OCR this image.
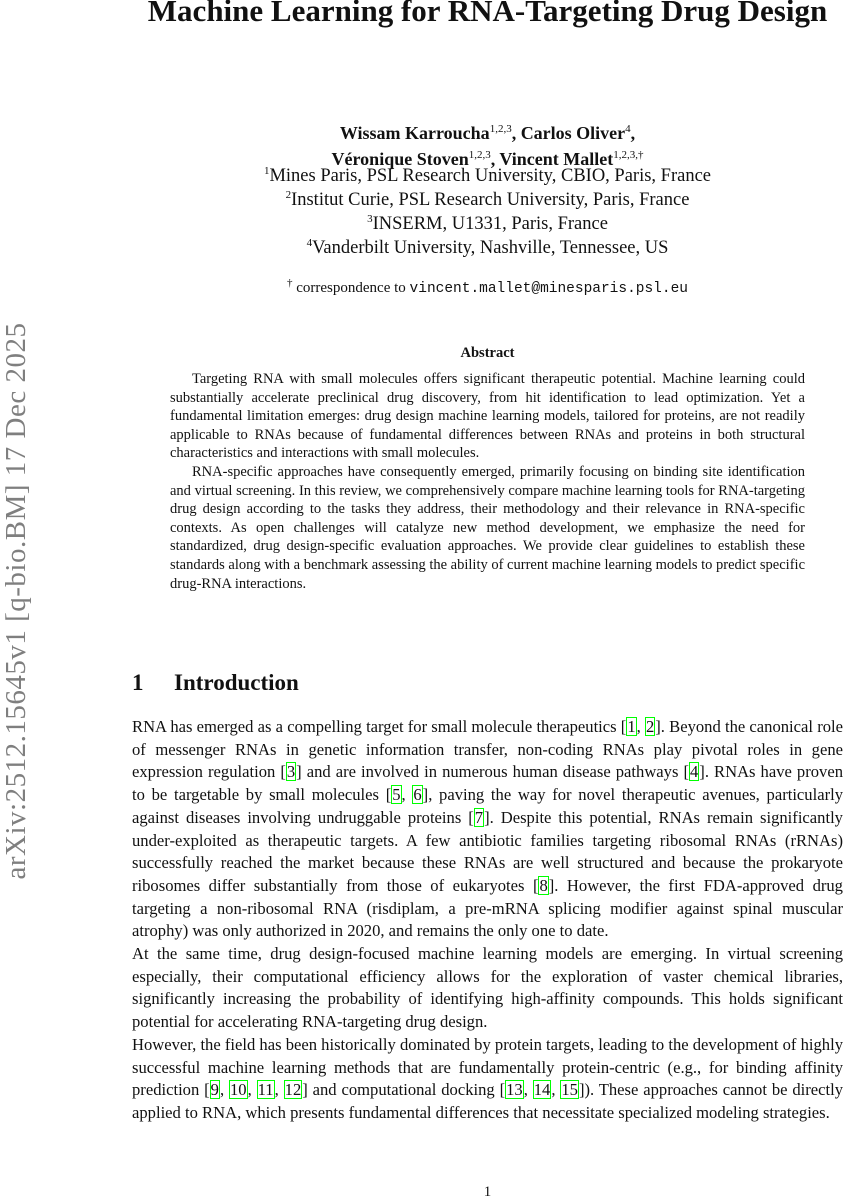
arXiv:2512.15645v1 [q-bio.BM] 17 Dec 2025
Machine Learning for RNA-Targeting Drug Design
Wissam Karroucha$^{1,2,3}$, Carlos Oliver$^4$,
Véronique Stoven$^{1,2,3}$, Vincent Mallet$^{1,2,3,\dagger}$
$^1$Mines Paris, PSL Research University, CBIO, Paris, France
$^2$Institut Curie, PSL Research University, Paris, France
$^3$INSERM, U1331, Paris, France
$^4$Vanderbilt University, Nashville, Tennessee, US
† correspondence to vincent.mallet@minesparis.psl.eu
Abstract

Targeting RNA with small molecules offers significant therapeutic potential. Machine learning could substantially accelerate preclinical drug discovery, from hit identification to lead optimization. Yet a fundamental limitation emerges: drug design machine learning models, tailored for proteins, are not readily applicable to RNAs because of fundamental differences between RNAs and proteins in both structural characteristics and interactions with small molecules.

RNA-specific approaches have consequently emerged, primarily focusing on binding site identification and virtual screening. In this review, we comprehensively compare machine learning tools for RNA-targeting drug design according to the tasks they address, their methodology and their relevance in RNA-specific contexts. As open challenges will catalyze new method development, we emphasize the need for standardized, drug design-specific evaluation approaches. We provide clear guidelines to establish these standards along with a benchmark assessing the ability of current machine learning models to predict specific drug-RNA interactions.

1 Introduction

RNA has emerged as a compelling target for small molecule therapeutics [1, 2]. Beyond the canonical role of messenger RNAs in genetic information transfer, non-coding RNAs play pivotal roles in gene expression regulation [3] and are involved in numerous human disease pathways [4]. RNAs have proven to be targetable by small molecules [5, 6], paving the way for novel therapeutic avenues, particularly against diseases involving undruggable proteins [7]. Despite this potential, RNAs remain significantly under-exploited as therapeutic targets. A few antibiotic families targeting ribosomal RNAs (rRNAs) successfully reached the market because these RNAs are well structured and because the prokaryote ribosomes differ substantially from those of eukaryotes [8]. However, the first FDA-approved drug targeting a non-ribosomal RNA (risdiplam, a pre-mRNA splicing modifier against spinal muscular atrophy) was only authorized in 2020, and remains the only one to date.

At the same time, drug design-focused machine learning models are emerging. In virtual screening especially, their computational efficiency allows for the exploration of vaster chemical libraries, significantly increasing the probability of identifying high-affinity compounds. This holds significant potential for accelerating RNA-targeting drug design.

However, the field has been historically dominated by protein targets, leading to the development of highly successful machine learning methods that are fundamentally protein-centric (e.g., for binding affinity prediction [9, 10, 11, 12] and computational docking [13, 14, 15]). These approaches cannot be directly applied to RNA, which presents fundamental differences that necessitate specialized modeling strategies.

1
